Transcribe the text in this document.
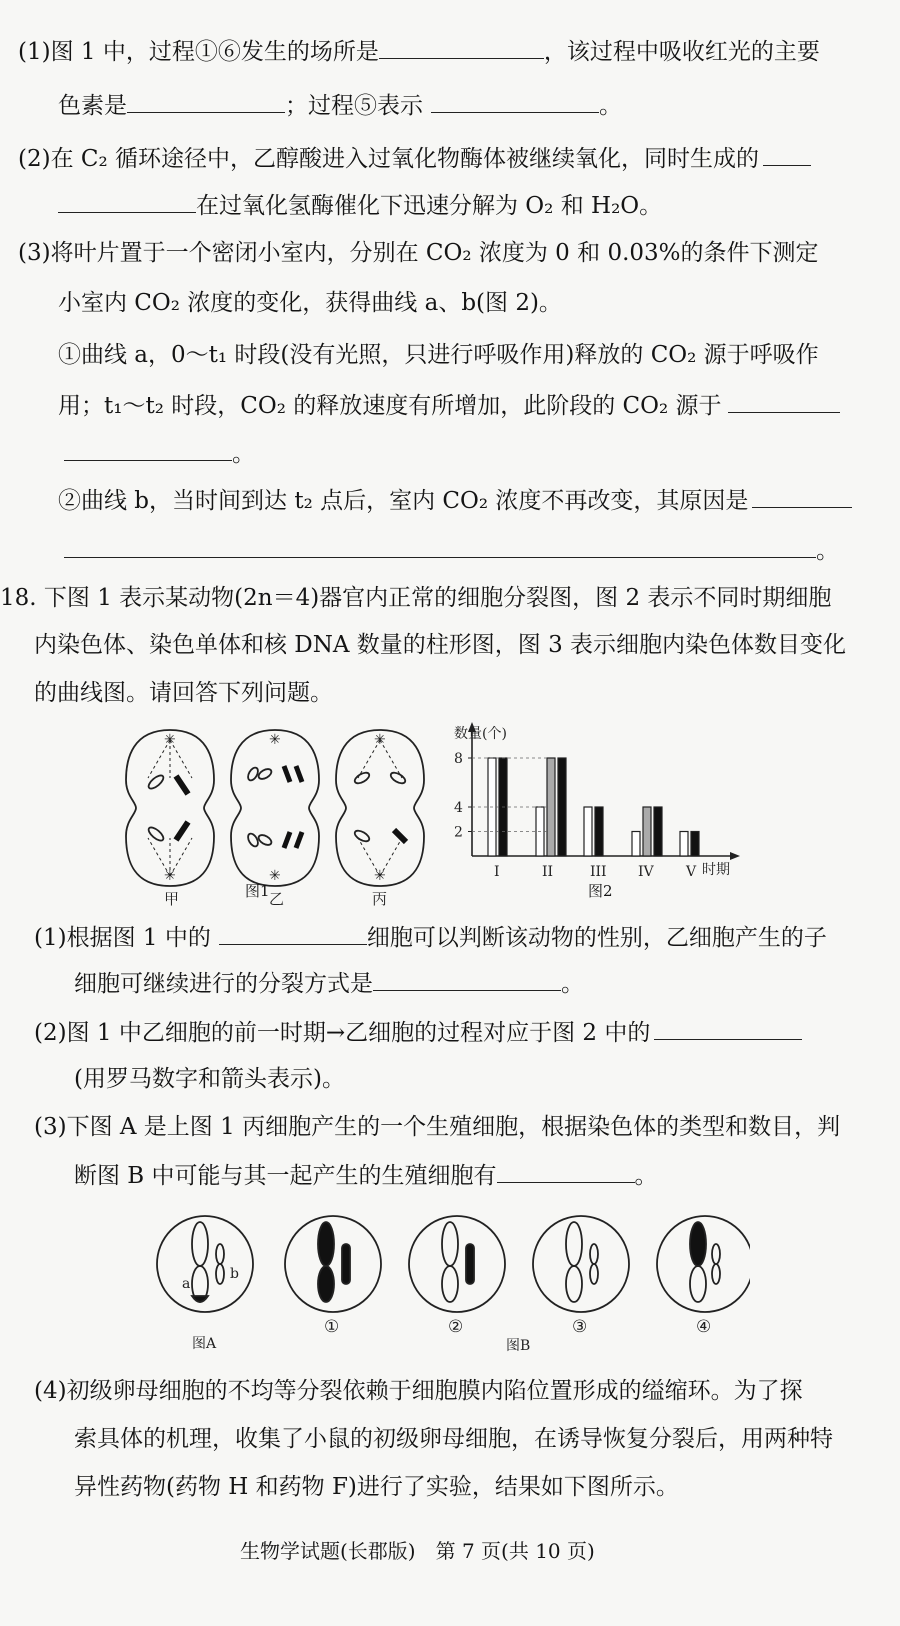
(1)图 1 中，过程①⑥发生的场所是	，该过程中吸收红光的主要
色素是	；过程⑤表示	。
(2)在 C₂ 循环途径中，乙醇酸进入过氧化物酶体被继续氧化，同时生成的
在过氧化氢酶催化下迅速分解为 O₂ 和 H₂O。
(3)将叶片置于一个密闭小室内，分别在 CO₂ 浓度为 0 和 0.03%的条件下测定
小室内 CO₂ 浓度的变化，获得曲线 a、b(图 2)。
①曲线 a，0～t₁ 时段(没有光照，只进行呼吸作用)释放的 CO₂ 源于呼吸作
用；t₁～t₂ 时段，CO₂ 的释放速度有所增加，此阶段的 CO₂ 源于
。
②曲线 b，当时间到达 t₂ 点后，室内 CO₂ 浓度不再改变，其原因是
。
18. 下图 1 表示某动物(2n＝4)器官内正常的细胞分裂图，图 2 表示不同时期细胞
内染色体、染色单体和核 DNA 数量的柱形图，图 3 表示细胞内染色体数目变化
的曲线图。请回答下列问题。
✳
✳
✳
✳
✳
✳
甲	乙	丙
图1
数量(个)
时期
I	II	III IV V
2
4
8
图2
(1)根据图 1 中的	细胞可以判断该动物的性别，乙细胞产生的子
细胞可继续进行的分裂方式是	。
(2)图 1 中乙细胞的前一时期→乙细胞的过程对应于图 2 中的
(用罗马数字和箭头表示)。
(3)下图 A 是上图 1 丙细胞产生的一个生殖细胞，根据染色体的类型和数目，判
断图 B 中可能与其一起产生的生殖细胞有	。
a
b
①	②	③	④
图A	图B
(4)初级卵母细胞的不均等分裂依赖于细胞膜内陷位置形成的缢缩环。为了探
索具体的机理，收集了小鼠的初级卵母细胞，在诱导恢复分裂后，用两种特
异性药物(药物 H 和药物 F)进行了实验，结果如下图所示。
生物学试题(长郡版)　第 7 页(共 10 页)
